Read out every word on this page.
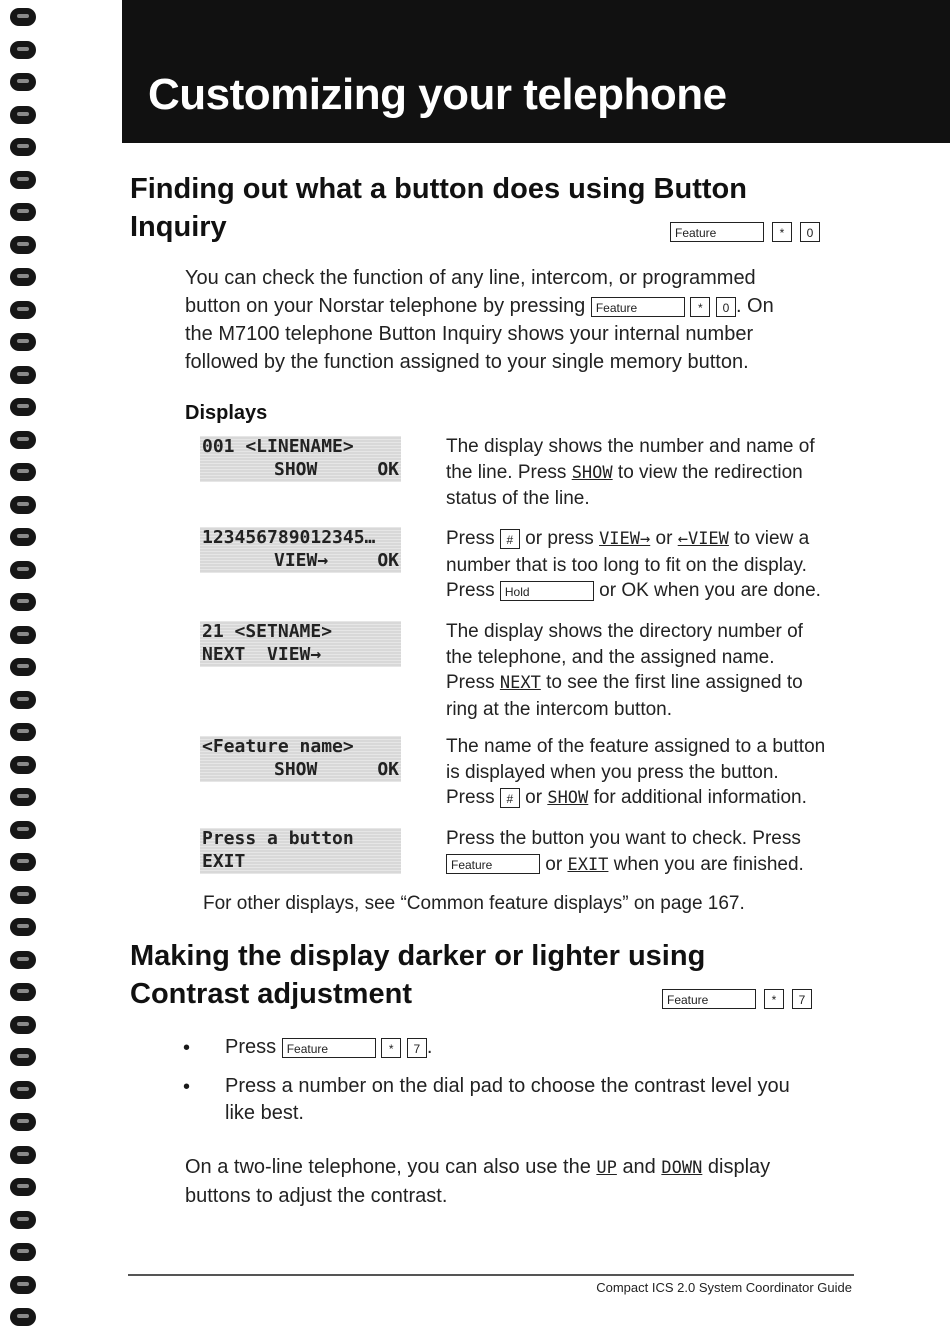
Customizing your telephone
Finding out what a button does using Button
Inquiry	Feature	*	0

You can check the function of any line, intercom, or programmed
button on your Norstar telephone by pressing Feature	* 0 . On
the M7100 telephone Button Inquiry shows your internal number
followed by the function assigned to your single memory button.

Displays
001 <LINENAME>
SHOW	OK

The display shows the number and name of
the line. Press SHOW to view the redirection
status of the line.

123456789012345…
VIEW→	OK

Press # or press VIEW→ or ←VIEW to view a
number that is too long to fit on the display.
Press Hold	or OK when you are done.

21 <SETNAME>
NEXT  VIEW→

The display shows the directory number of
the telephone, and the assigned name.
Press NEXT to see the first line assigned to
ring at the intercom button.

<Feature name>
SHOW	OK

The name of the feature assigned to a button
is displayed when you press the button.
Press # or SHOW for additional information.

Press a button
EXIT

Press the button you want to check. Press
Feature	or EXIT when you are finished.

For other displays, see “Common feature displays” on page 167.

Making the display darker or lighter using
Contrast adjustment	Feature	*	7
• Press Feature	* 7 .

• Press a number on the dial pad to choose the contrast level you
like best.

On a two-line telephone, you can also use the UP and DOWN display
buttons to adjust the contrast.

Compact ICS 2.0 System Coordinator Guide
